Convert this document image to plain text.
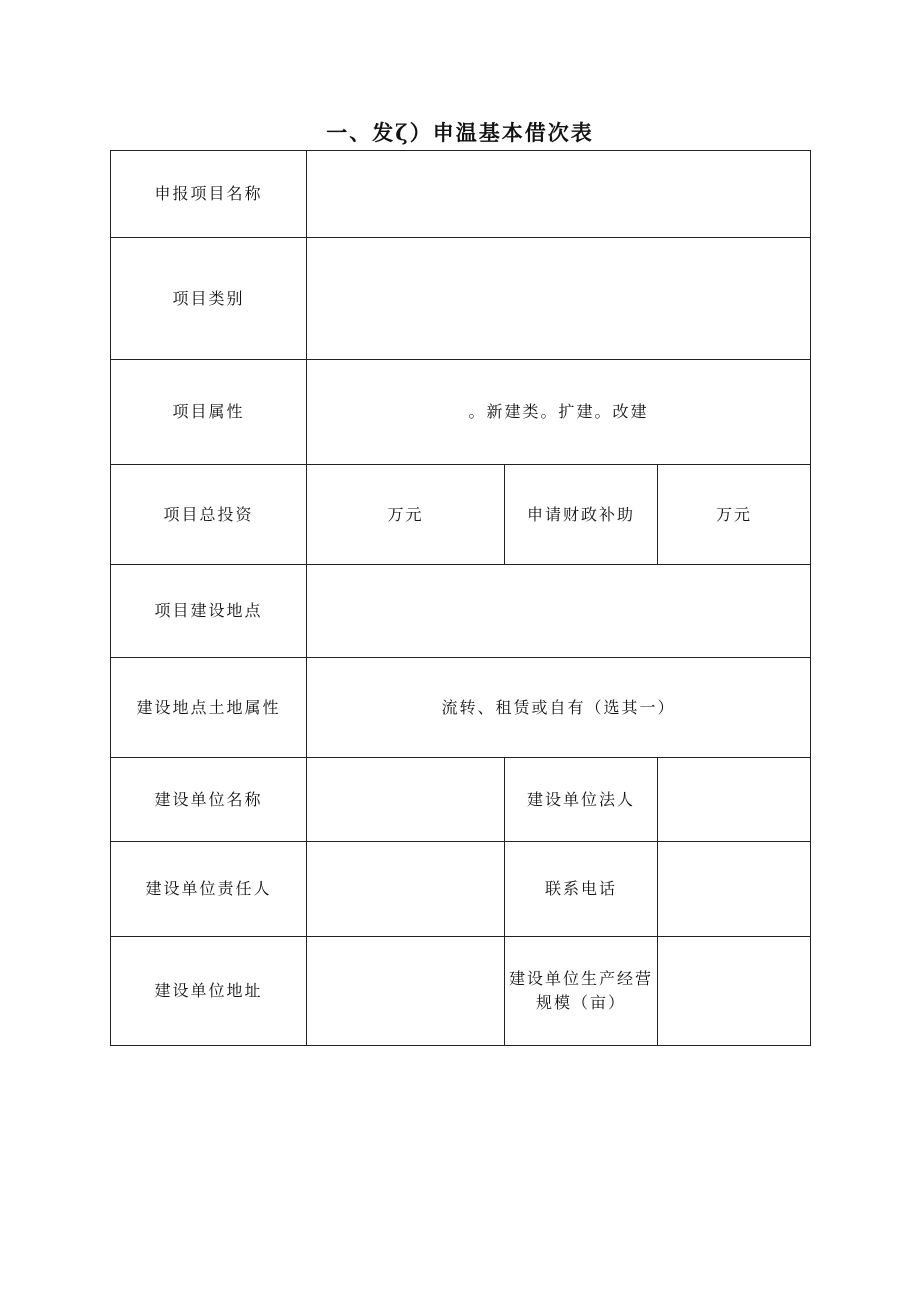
一、发ζ）申温基本借次表
申报项目名称			
项目类别			
项目属性	。新建类。扩建。改建		
项目总投资	万元	申请财政补助	万元
项目建设地点			
建设地点土地属性	流转、租赁或自有（选其一）		
建设单位名称		建设单位法人	
建设单位责任人		联系电话	
建设单位地址		建设单位生产经营规模（亩）	
